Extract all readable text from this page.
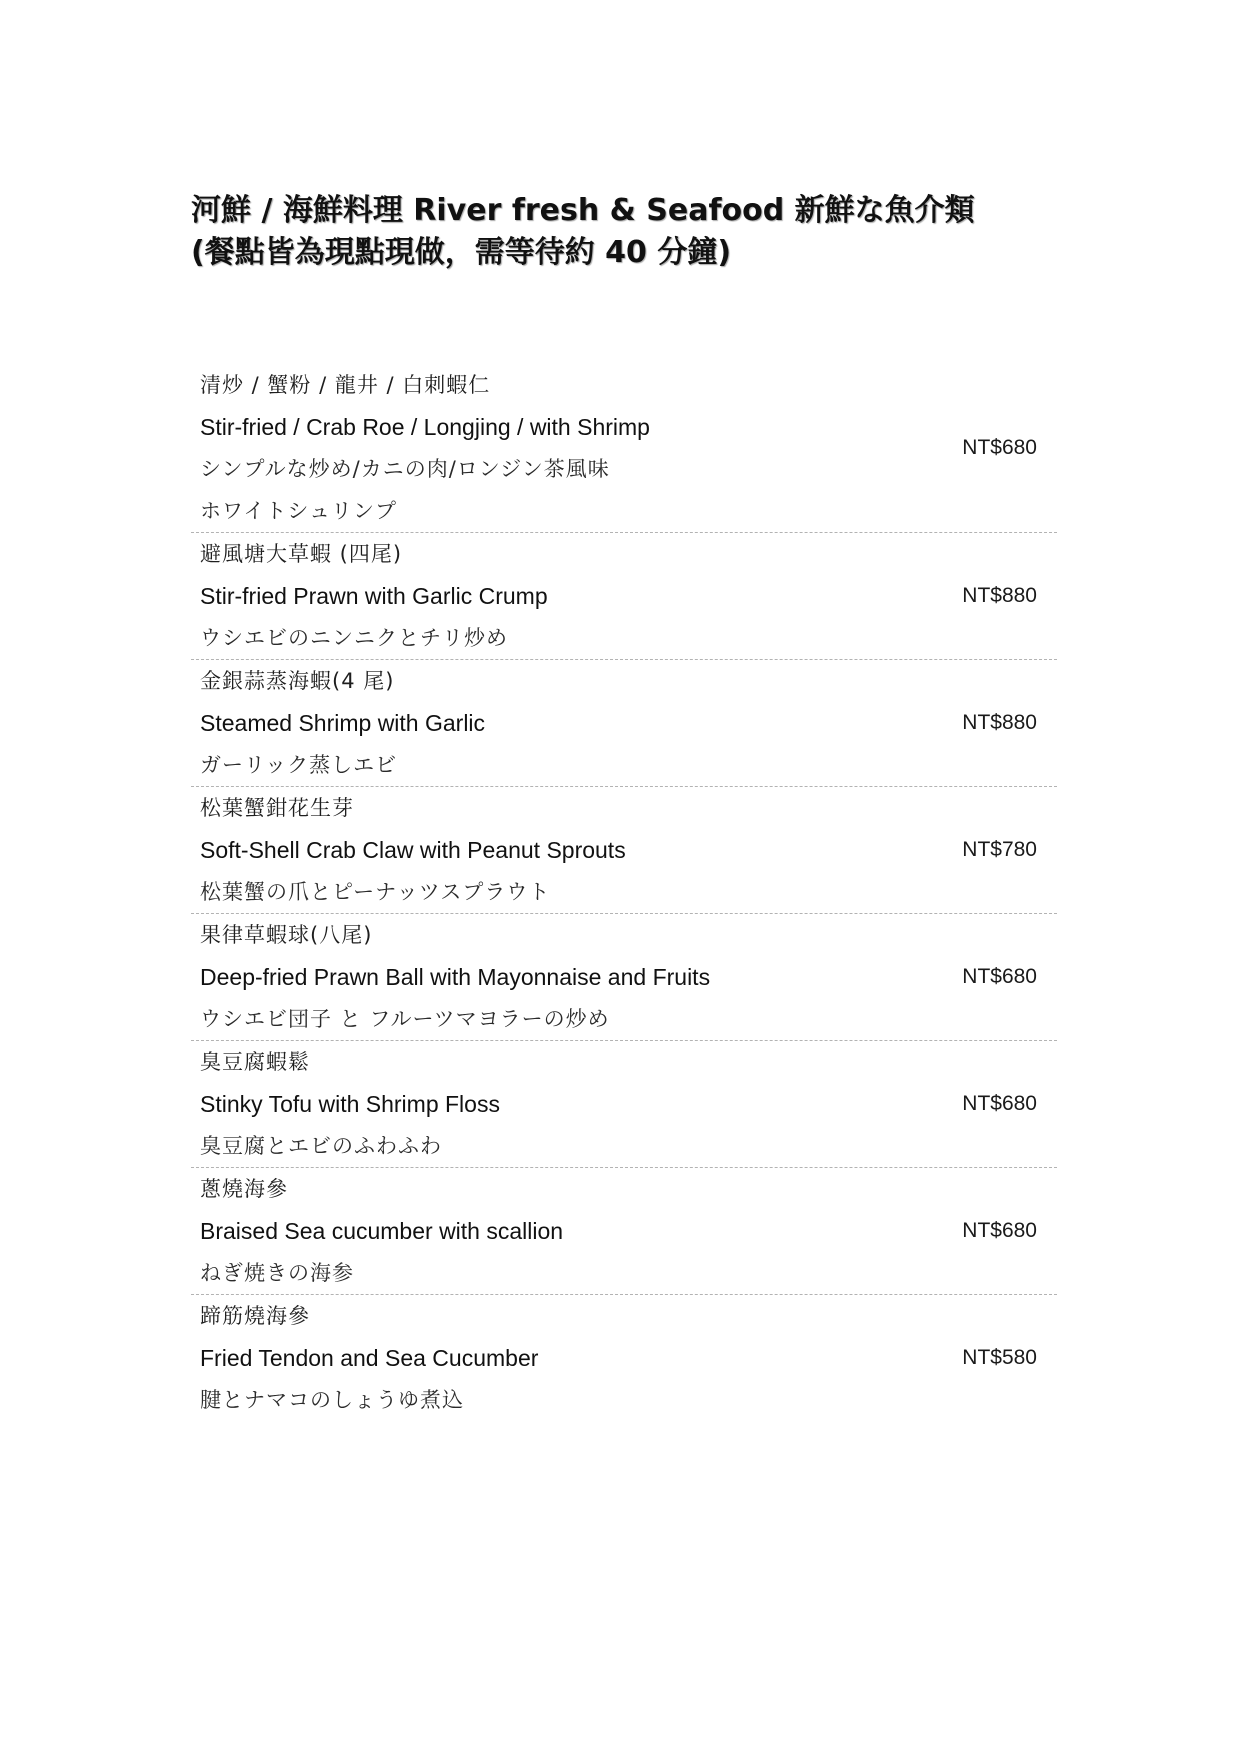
河鮮 / 海鮮料理 River fresh & Seafood 新鮮な魚介類
(餐點皆為現點現做，需等待約 40 分鐘)
清炒 / 蟹粉 / 龍井 / 白刺蝦仁
Stir-fried / Crab Roe / Longjing / with Shrimp
シンプルな炒め/カニの肉/ロンジン茶風味
ホワイトシュリンプ
NT$680
避風塘大草蝦 (四尾)
Stir-fried Prawn with Garlic Crump
ウシエビのニンニクとチリ炒め
NT$880
金銀蒜蒸海蝦(4 尾)
Steamed Shrimp with Garlic
ガーリック蒸しエビ
NT$880
松葉蟹鉗花生芽
Soft-Shell Crab Claw with Peanut Sprouts
松葉蟹の爪とピーナッツスプラウト
NT$780
果律草蝦球(八尾)
Deep-fried Prawn Ball with Mayonnaise and Fruits
ウシエビ団子 と フルーツマヨラーの炒め
NT$680
臭豆腐蝦鬆
Stinky Tofu with Shrimp Floss
臭豆腐とエビのふわふわ
NT$680
蔥燒海參
Braised Sea cucumber with scallion
ねぎ焼きの海参
NT$680
蹄筋燒海參
Fried Tendon and Sea Cucumber
腱とナマコのしょうゆ煮込
NT$580
